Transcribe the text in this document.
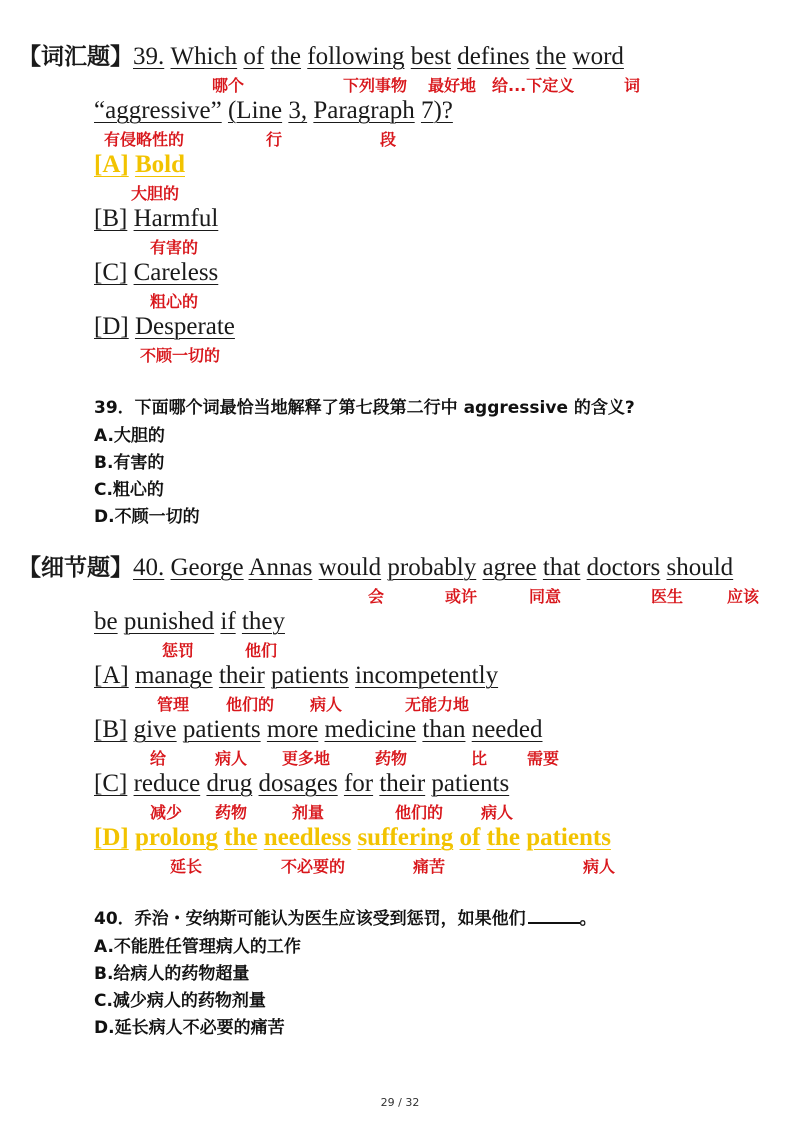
【词汇题】39. Which of the following best defines the word
哪个	下列事物 最好地 给...下定义	词
“aggressive” (Line 3, Paragraph 7)?
有侵略性的	行	段
[A] Bold
大胆的
[B] Harmful
有害的
[C] Careless
粗心的
[D] Desperate
不顾一切的
39．下面哪个词最恰当地解释了第七段第二行中 aggressive 的含义?
A.大胆的
B.有害的
C.粗心的
D.不顾一切的
【细节题】40. George Annas would probably agree that doctors should
会	或许	同意	医生	应该
be punished if they
惩罚	他们
[A] manage their patients incompetently
管理 他们的 病人	无能力地
[B] give patients more medicine than needed
给	病人 更多地	药物	比 需要
[C] reduce drug dosages for their patients
减少 药物	剂量	他们的 病人
[D] prolong the needless suffering of the patients
延长	不必要的	痛苦	病人
40．乔治・安纳斯可能认为医生应该受到惩罚，如果他们	。
A.不能胜任管理病人的工作
B.给病人的药物超量
C.减少病人的药物剂量
D.延长病人不必要的痛苦
29 / 32
